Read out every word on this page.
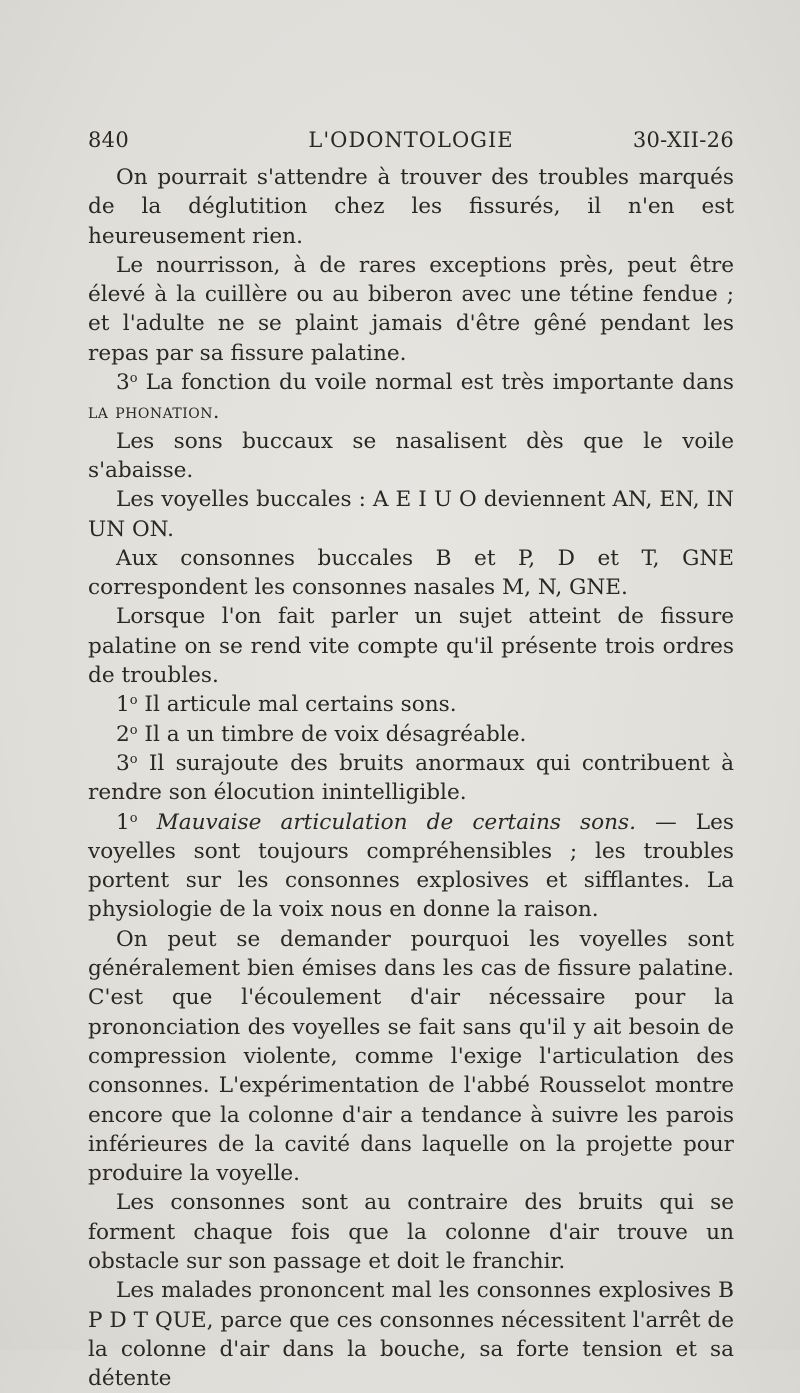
840	L'ODONTOLOGIE	30-XII-26

On pourrait s'attendre à trouver des troubles marqués de la déglutition chez les fissurés, il n'en est heureusement rien.

Le nourrisson, à de rares exceptions près, peut être élevé à la cuillère ou au biberon avec une tétine fendue ; et l'adulte ne se plaint jamais d'être gêné pendant les repas par sa fissure palatine.

3$^o$ La fonction du voile normal est très importante dans la phonation.

Les sons buccaux se nasalisent dès que le voile s'abaisse.

Les voyelles buccales : A E I U O deviennent AN, EN, IN UN ON.

Aux consonnes buccales B et P, D et T, GNE correspondent les consonnes nasales M, N, GNE.

Lorsque l'on fait parler un sujet atteint de fissure palatine on se rend vite compte qu'il présente trois ordres de troubles.

1$^o$ Il articule mal certains sons.

2$^o$ Il a un timbre de voix désagréable.

3$^o$ Il surajoute des bruits anormaux qui contribuent à rendre son élocution inintelligible.

1$^o$ Mauvaise articulation de certains sons. — Les voyelles sont toujours compréhensibles ; les troubles portent sur les consonnes explosives et sifflantes. La physiologie de la voix nous en donne la raison.

On peut se demander pourquoi les voyelles sont généralement bien émises dans les cas de fissure palatine. C'est que l'écoulement d'air nécessaire pour la prononciation des voyelles se fait sans qu'il y ait besoin de compression violente, comme l'exige l'articulation des consonnes. L'expérimentation de l'abbé Rousselot montre encore que la colonne d'air a tendance à suivre les parois inférieures de la cavité dans laquelle on la projette pour produire la voyelle.

Les consonnes sont au contraire des bruits qui se forment chaque fois que la colonne d'air trouve un obstacle sur son passage et doit le franchir.

Les malades prononcent mal les consonnes explosives B P D T QUE, parce que ces consonnes nécessitent l'arrêt de la colonne d'air dans la bouche, sa forte tension et sa détente
